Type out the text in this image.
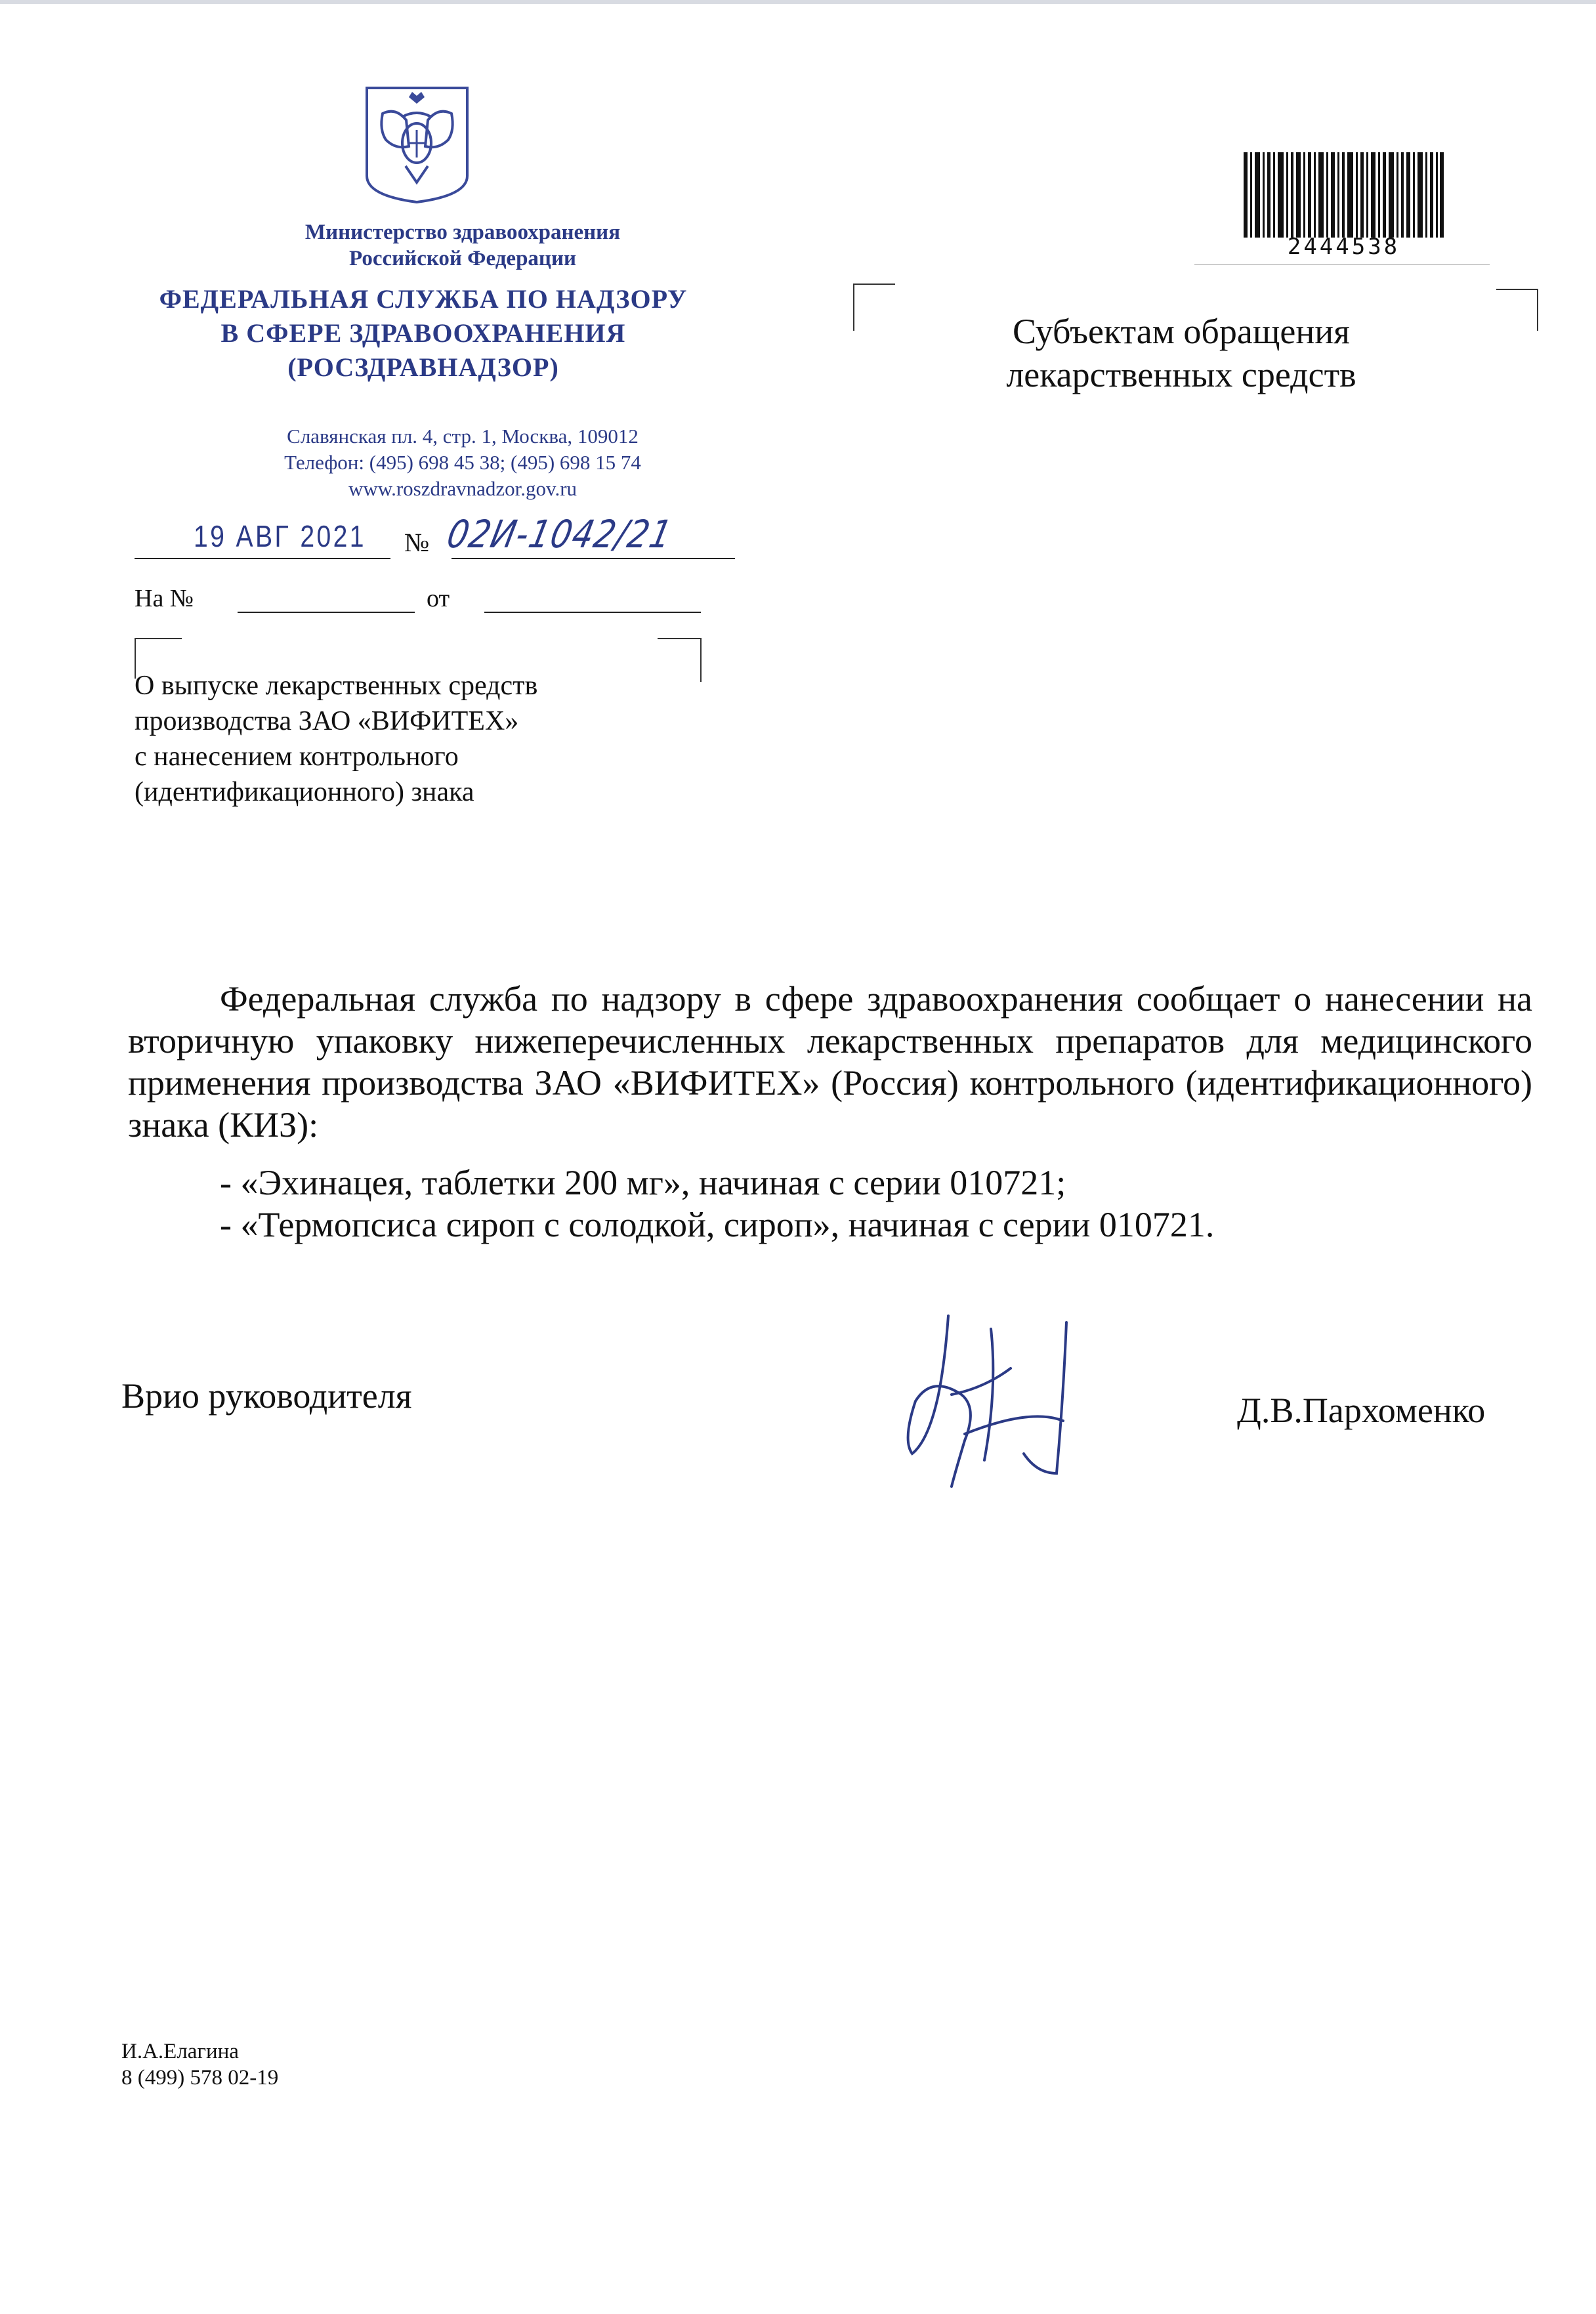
Министерство здравоохранения
Российской Федерации
ФЕДЕРАЛЬНАЯ СЛУЖБА ПО НАДЗОРУ
В СФЕРЕ ЗДРАВООХРАНЕНИЯ
(РОСЗДРАВНАДЗОР)
Славянская пл. 4, стр. 1, Москва, 109012
Телефон: (495) 698 45 38; (495) 698 15 74
www.roszdravnadzor.gov.ru
19 АВГ 2021 № 02И-1042/21
На №	от
О выпуске лекарственных средств
производства ЗАО «ВИФИТЕХ»
с нанесением контрольного
(идентификационного) знака
2444538
Субъектам обращения
лекарственных средств
Федеральная служба по надзору в сфере здравоохранения сообщает о нанесении на вторичную упаковку нижеперечисленных лекарственных препаратов для медицинского применения производства ЗАО «ВИФИТЕХ» (Россия) контрольного (идентификационного) знака (КИЗ):
- «Эхинацея, таблетки 200 мг», начиная с серии 010721;
- «Термопсиса сироп с солодкой, сироп», начиная с серии 010721.
Врио руководителя	Д.В.Пархоменко
И.А.Елагина
8 (499) 578 02-19
